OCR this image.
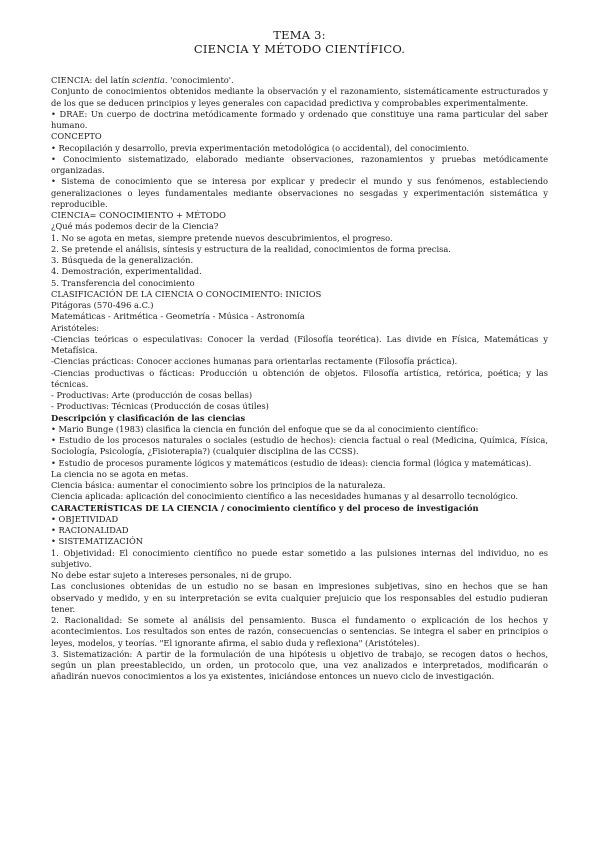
TEMA 3:
CIENCIA Y MÉTODO CIENTÍFICO.

CIENCIA: del latín scientia. 'conocimiento'.

Conjunto de conocimientos obtenidos mediante la observación y el razonamiento, sistemáticamente estructurados y de los que se deducen principios y leyes generales con capacidad predictiva y comprobables experimentalmente.

• DRAE: Un cuerpo de doctrina metódicamente formado y ordenado que constituye una rama particular del saber humano.

CONCEPTO

• Recopilación y desarrollo, previa experimentación metodológica (o accidental), del conocimiento.

• Conocimiento sistematizado, elaborado mediante observaciones, razonamientos y pruebas metódicamente organizadas.

• Sistema de conocimiento que se interesa por explicar y predecir el mundo y sus fenómenos, estableciendo generalizaciones o leyes fundamentales mediante observaciones no sesgadas y experimentación sistemática y reproducible.

CIENCIA= CONOCIMIENTO + MÉTODO

¿Qué más podemos decir de la Ciencia?

1. No se agota en metas, siempre pretende nuevos descubrimientos, el progreso.

2. Se pretende el análisis, síntesis y estructura de la realidad, conocimientos de forma precisa.

3. Búsqueda de la generalización.

4. Demostración, experimentalidad.

5. Transferencia del conocimiento

CLASIFICACIÓN DE LA CIENCIA O CONOCIMIENTO: INICIOS

Pitágoras (570-496 a.C.)

Matemáticas - Aritmética - Geometría - Música - Astronomía

Aristóteles:

-Ciencias teóricas o especulativas: Conocer la verdad (Filosofía teorética). Las divide en Física, Matemáticas y Metafísica.

-Ciencias prácticas: Conocer acciones humanas para orientarlas rectamente (Filosofía práctica).

-Ciencias productivas o fácticas: Producción u obtención de objetos. Filosofía artística, retórica, poética; y las técnicas.

- Productivas: Arte (producción de cosas bellas)

- Productivas: Técnicas (Producción de cosas útiles)

Descripción y clasificación de las ciencias

• Mario Bunge (1983) clasifica la ciencia en función del enfoque que se da al conocimiento científico:

• Estudio de los procesos naturales o sociales (estudio de hechos): ciencia factual o real (Medicina, Química, Física, Sociología, Psicología, ¿Fisioterapia?) (cualquier disciplina de las CCSS).

• Estudio de procesos puramente lógicos y matemáticos (estudio de ideas): ciencia formal (lógica y matemáticas).

La ciencia no se agota en metas.

Ciencia básica: aumentar el conocimiento sobre los principios de la naturaleza.

Ciencia aplicada: aplicación del conocimiento científico a las necesidades humanas y al desarrollo tecnológico.

CARACTERÍSTICAS DE LA CIENCIA / conocimiento científico y del proceso de investigación

• OBJETIVIDAD

• RACIONALIDAD

• SISTEMATIZACIÓN

1. Objetividad: El conocimiento científico no puede estar sometido a las pulsiones internas del individuo, no es subjetivo.

No debe estar sujeto a intereses personales, ni de grupo.

Las conclusiones obtenidas de un estudio no se basan en impresiones subjetivas, sino en hechos que se han observado y medido, y en su interpretación se evita cualquier prejuicio que los responsables del estudio pudieran tener.

2. Racionalidad: Se somete al análisis del pensamiento. Busca el fundamento o explicación de los hechos y acontecimientos. Los resultados son entes de razón, consecuencias o sentencias. Se integra el saber en principios o leyes, modelos, y teorías. "El ignorante afirma, el sabio duda y reflexiona" (Aristóteles).

3. Sistematización: A partir de la formulación de una hipótesis u objetivo de trabajo, se recogen datos o hechos, según un plan preestablecido, un orden, un protocolo que, una vez analizados e interpretados, modificarán o añadirán nuevos conocimientos a los ya existentes, iniciándose entonces un nuevo ciclo de investigación.
